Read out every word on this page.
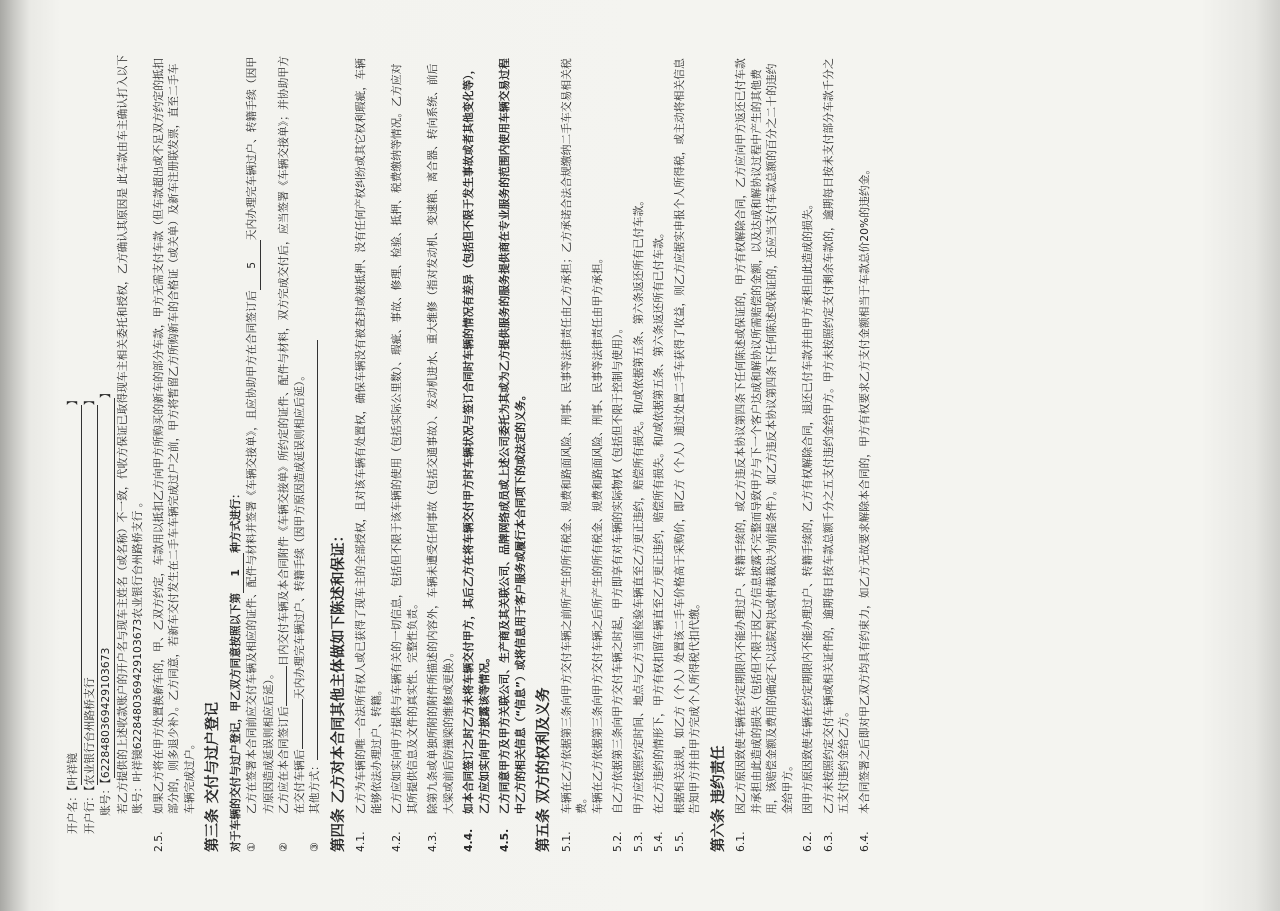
开户名：【叶祥镜】
开户行：【农业银行台州路桥支行】
账号：【6228480369429103673】 若乙方提供的上述收款账户的开户名与现车主姓名（或名称）不一致，代收方保证已取得现车主相关委托和授权，乙方确认其原因是 此车款由车主确认打入以下账号：叶祥镜6228480369429103673农业银行台州路桥支行 。
2.5.
如果乙方将在甲方处置换新车的，甲、乙双方约定，车款用以抵扣乙方向甲方所购买的新车的部分车款，甲方无需支付车款（但车款超出或不足双方约定的抵扣部分的，则多退少补）。乙方同意，若新车交付发生在二手车车辆完成过户之前，甲方将暂留乙方所购新车的合格证（或关单）及新车注册联发票，直至二手车车辆完成过户。 第三条 交付与过户登记 对于车辆的交付与过户登记，甲乙双方同意按照以下第1种方式进行：
①
乙方在签署本合同前应交付车辆及相应的证件、配件与材料并签署《车辆交接单》，且应协助甲方在合同签订后5天内办理完车辆过户、转籍手续（因甲方原因造成延误则相应后延）。
②
乙方应在本合同签订后日内交付车辆及本合同附件《车辆交接单》所约定的证件、配件与材料，双方完成交付后，应当签署《车辆交接单》；并协助甲方在交付车辆后天内办理完车辆过户、转籍手续（因甲方原因造成延误则相应后延）。
③
其他方式： 第四条 乙方对本合同其他主体做如下陈述和保证： 4.1.
乙方为车辆的唯一合法所有权人或已获得了现车主的全部授权，且对该车辆有处置权，确保车辆没有被查封或被抵押、没有任何产权纠纷或其它权利瑕疵，车辆能够依法办理过户、转籍。
4.2.
乙方应如实向甲方提供与车辆有关的一切信息，包括但不限于该车辆的使用（包括实际公里数）、瑕疵、事故、修理、检验、抵押、税费缴纳等情况。乙方应对其所提供信息及文件的真实性、完整性负责。
4.3.
除第九条或单独所附的附件所描述的内容外，车辆未遭受任何事故（包括交通事故）、发动机进水、重大维修（指对发动机、变速箱、离合器、转向系统、前后大梁或前后防撞梁的维修或更换）。
4.4.
如本合同签订之时乙方未将车辆交付甲方，其后乙方在将车辆交付甲方时车辆状况与签订合同时车辆的情况有差异（包括但不限于发生事故或者其他变化等），乙方应如实向甲方披露该等情况。
4.5.
乙方同意甲方及甲方关联公司、生产商及其关联公司、品牌网络成员或上述公司委托为其或为乙方提供服务的服务提供商在专业服务的范围内使用车辆交易过程中乙方的相关信息（“信息”）或将信息用于客户服务或履行本合同项下的或法定的义务。 第五条 双方的权利及义务 5.1.
车辆在乙方依据第三条向甲方交付车辆之前所产生的所有税金、规费和路面风险、刑事、民事等法律责任由乙方承担；乙方承诺合法合规缴纳二手车交易相关税费。 车辆在乙方依据第三条向甲方交付车辆之后所产生的所有税金、规费和路面风险、刑事、民事等法律责任由甲方承担。
5.2.
自乙方依据第三条向甲方交付车辆之时起，甲方即享有对车辆的实际物权（包括但不限于控制与使用）。
5.3.
甲方应按照约定时间、地点与乙方当面检验车辆直至乙方更正违约，赔偿所有损失。和/或依据第五条、第六条返还所有已付车款。
5.4.
在乙方违约的情形下，甲方有权扣留车辆直至乙方更正违约，赔偿所有损失。和/或依据第五条、第六条返还所有已付车款。
5.5.
根据相关法规，如乙方（个人）处置该二手车价格高于采购价，即乙方（个人）通过处置二手车获得了收益，则乙方应据实申报个人所得税，或主动将相关信息告知甲方并由甲方完成个人所得税代扣代缴。 第六条 违约责任 6.1.
因乙方原因致使车辆在约定期限内不能办理过户、转籍手续的，或乙方违反本协议第四条下任何陈述或保证的，甲方有权解除合同，乙方应向甲方返还已付车款并承担由此造成的损失（包括但不限于因乙方信息披露不完整而导致甲方与下一个客户达成和解协议所需赔偿的金额，以及达成和解协议过程中产生的其他费用，该赔偿金额及费用的确定不以法院判决或仲裁裁决为前提条件）。如乙方违反本协议第四条下任何陈述或保证的，还应当支付车款总额的百分之二十的违约金给甲方。
6.2.
因甲方原因致使车辆在约定期限内不能办理过户、转籍手续的，乙方有权解除合同，退还已付车款并由甲方承担由此造成的损失。
6.3.
乙方未按照约定交付车辆或相关证件的，逾期每日按车款总额千分之五支付违约金给甲方。甲方未按照约定支付剩余车款的，逾期每日按未支付部分车款千分之五支付违约金给乙方。
6.4.
本合同签署之后即对甲乙双方均具有约束力，如乙方无故要求解除本合同的，甲方有权要求乙方支付金额相当于车款总价20%的违约金。
